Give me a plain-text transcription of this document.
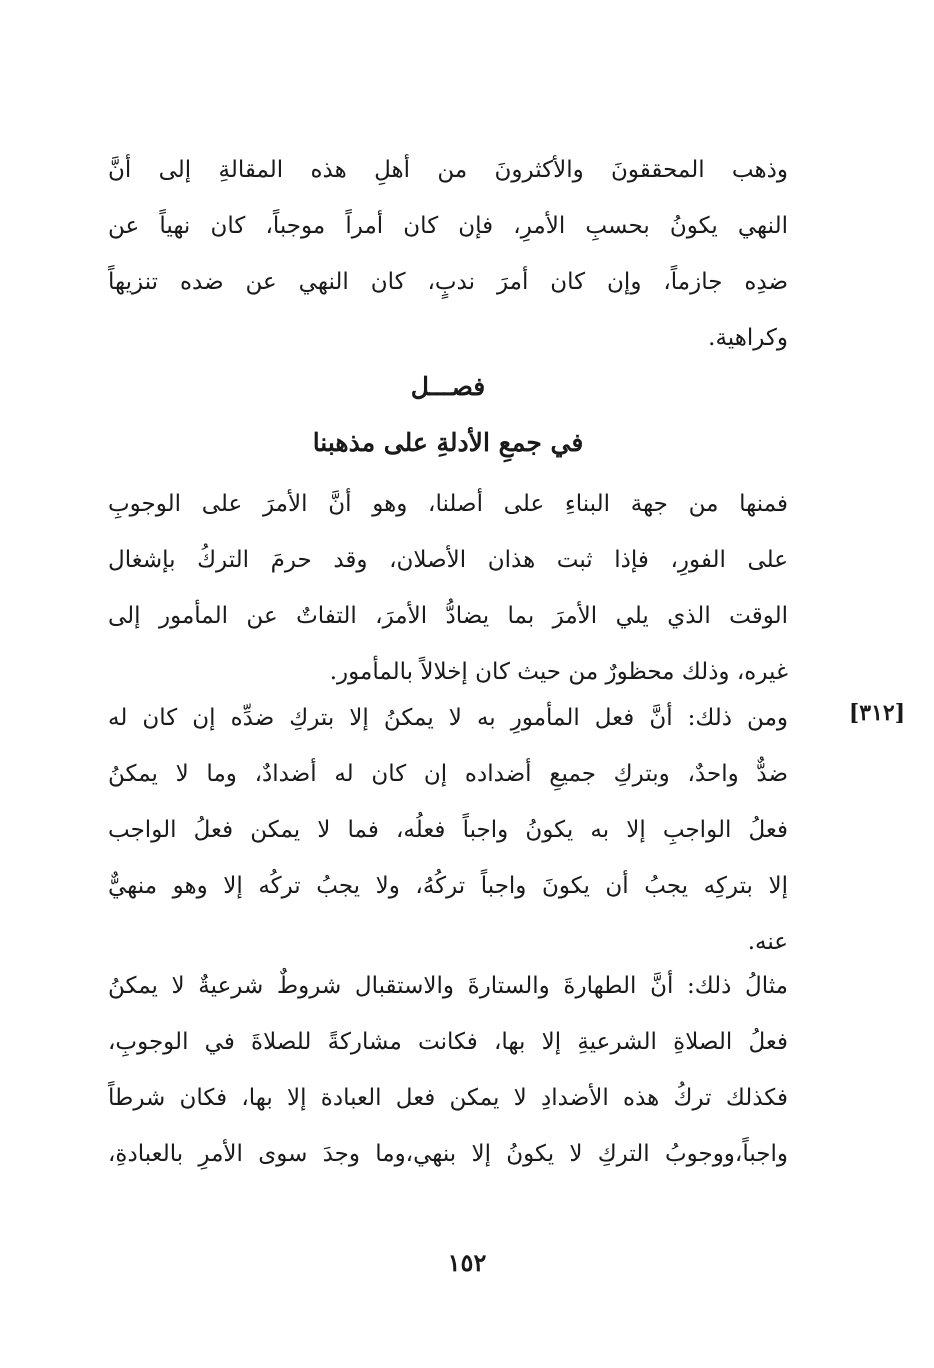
وذهب المحققونَ والأكثرونَ من أهلِ هذه المقالةِ إلى أنَّ
النهي يكونُ بحسبِ الأمرِ، فإن كان أمراً موجباً، كان نهياً عن
ضدِه جازماً، وإن كان أمرَ ندبٍ، كان النهي عن ضده تنزيهاً
وكراهية.
فصـــل
في جمعِ الأدلةِ على مذهبنا
فمنها من جهة البناءِ على أصلنا، وهو أنَّ الأمرَ على الوجوبِ
على الفورِ، فإذا ثبت هذان الأصلان، وقد حرمَ التركُ بإشغال
الوقت الذي يلي الأمرَ بما يضادُّ الأمرَ، التفاتٌ عن المأمور إلى
غيره، وذلك محظورٌ من حيث كان إخلالاً بالمأمور.
[٣١٢]
ومن ذلك: أنَّ فعل المأمورِ به لا يمكنُ إلا بتركِ ضدِّه إن كان له
ضدٌّ واحدٌ، وبتركِ جميعِ أضداده إن كان له أضدادٌ، وما لا يمكنُ
فعلُ الواجبِ إلا به يكونُ واجباً فعلُه، فما لا يمكن فعلُ الواجب
إلا بتركِه يجبُ أن يكونَ واجباً تركُهُ، ولا يجبُ تركُه إلا وهو منهيٌّ
عنه.
مثالُ ذلك: أنَّ الطهارةَ والستارةَ والاستقبال شروطٌ شرعيةٌ لا يمكنُ
فعلُ الصلاةِ الشرعيةِ إلا بها، فكانت مشاركةً للصلاةَ في الوجوبِ،
فكذلك تركُ هذه الأضدادِ لا يمكن فعل العبادة إلا بها، فكان شرطاً
واجباً،ووجوبُ التركِ لا يكونُ إلا بنهي،وما وجدَ سوى الأمرِ بالعبادةِ،
١٥٢
